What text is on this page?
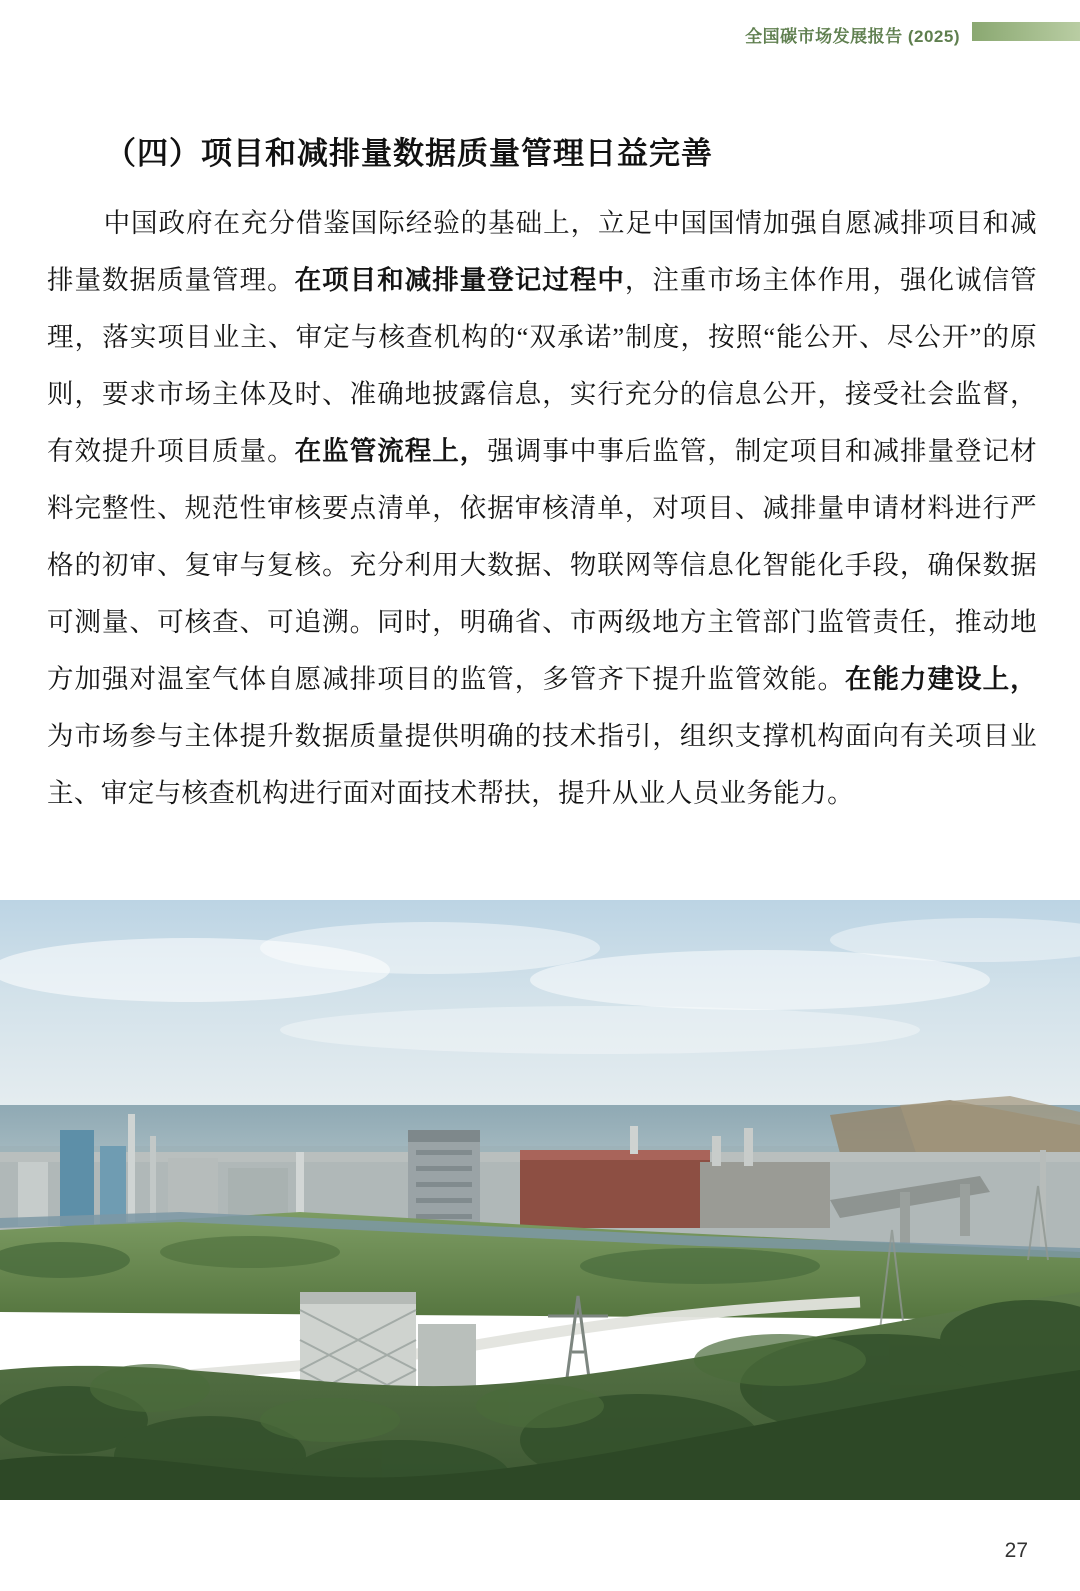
全国碳市场发展报告 (2025)
（四）项目和减排量数据质量管理日益完善

中国政府在充分借鉴国际经验的基础上，立足中国国情加强自愿减排项目和减排量数据质量管理。在项目和减排量登记过程中，注重市场主体作用，强化诚信管理，落实项目业主、审定与核查机构的“双承诺”制度，按照“能公开、尽公开”的原则，要求市场主体及时、准确地披露信息，实行充分的信息公开，接受社会监督，有效提升项目质量。在监管流程上，强调事中事后监管，制定项目和减排量登记材料完整性、规范性审核要点清单，依据审核清单，对项目、减排量申请材料进行严格的初审、复审与复核。充分利用大数据、物联网等信息化智能化手段，确保数据可测量、可核查、可追溯。同时，明确省、市两级地方主管部门监管责任，推动地方加强对温室气体自愿减排项目的监管，多管齐下提升监管效能。在能力建设上，为市场参与主体提升数据质量提供明确的技术指引，组织支撑机构面向有关项目业主、审定与核查机构进行面对面技术帮扶，提升从业人员业务能力。

27
